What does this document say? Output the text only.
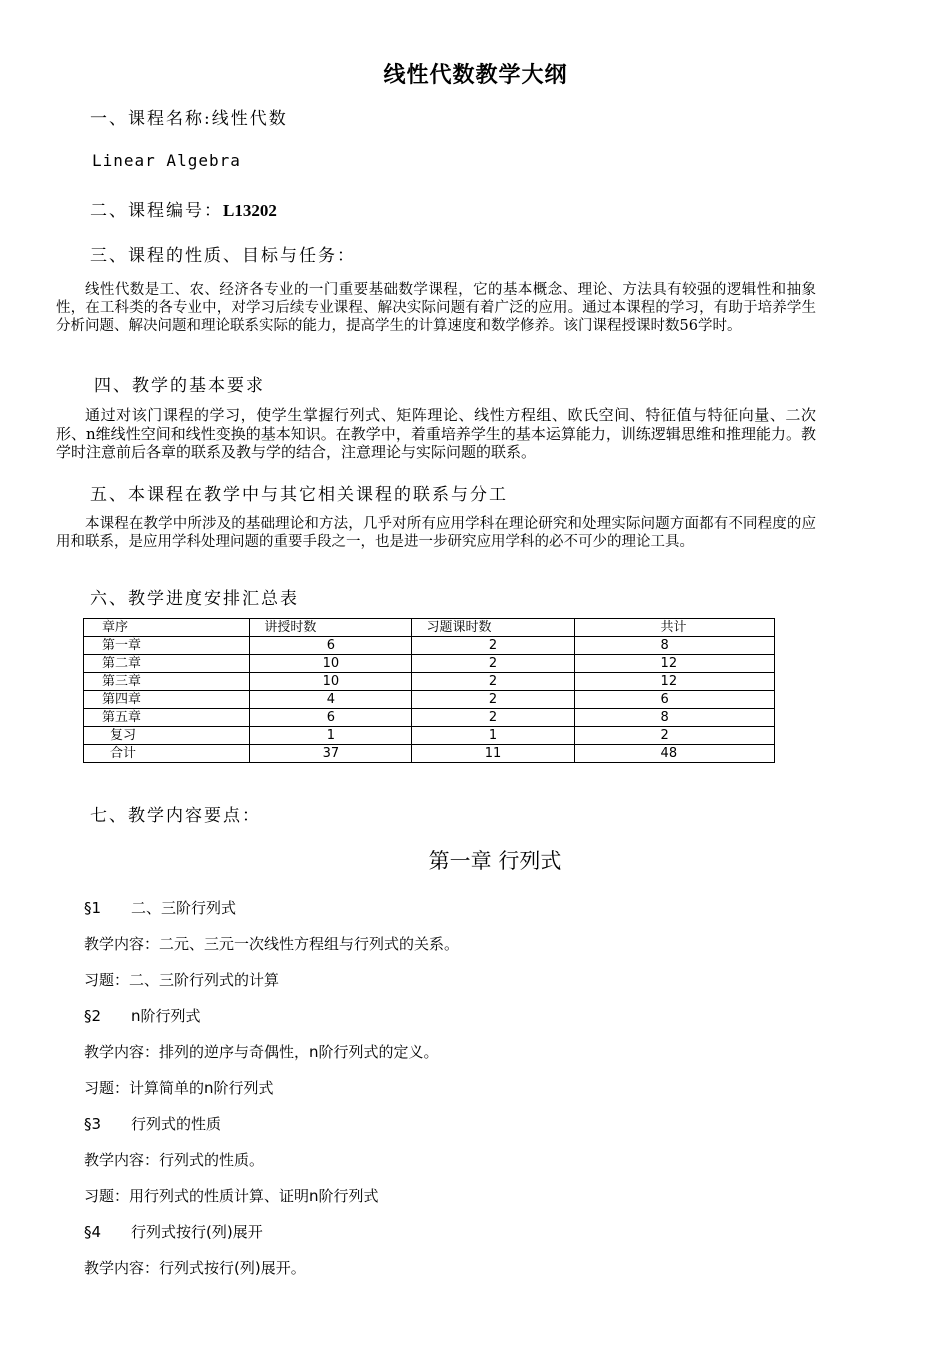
线性代数教学大纲
一、课程名称:线性代数
Linear Algebra
二、课程编号：L13202
三、课程的性质、目标与任务：
线性代数是工、农、经济各专业的一门重要基础数学课程，它的基本概念、理论、方法具有较强的逻辑性和抽象性，在工科类的各专业中，对学习后续专业课程、解决实际问题有着广泛的应用。通过本课程的学习，有助于培养学生分析问题、解决问题和理论联系实际的能力，提高学生的计算速度和数学修养。该门课程授课时数56学时。
四、教学的基本要求
通过对该门课程的学习，使学生掌握行列式、矩阵理论、线性方程组、欧氏空间、特征值与特征向量、二次形、n维线性空间和线性变换的基本知识。在教学中，着重培养学生的基本运算能力，训练逻辑思维和推理能力。教学时注意前后各章的联系及教与学的结合，注意理论与实际问题的联系。
五、本课程在教学中与其它相关课程的联系与分工
本课程在教学中所涉及的基础理论和方法，几乎对所有应用学科在理论研究和处理实际问题方面都有不同程度的应用和联系，是应用学科处理问题的重要手段之一，也是进一步研究应用学科的必不可少的理论工具。
六、教学进度安排汇总表
章序	讲授时数	习题课时数	共计
第一章	6	2	8
第二章	10	2	12
第三章	10	2	12
第四章	4	2	6
第五章	6	2	8
复习	1	1	2
合计	37	11	48
七、教学内容要点：
第一章 行列式
§1 二、三阶行列式
教学内容：二元、三元一次线性方程组与行列式的关系。
习题：二、三阶行列式的计算
§2 n阶行列式
教学内容：排列的逆序与奇偶性，n阶行列式的定义。
习题：计算简单的n阶行列式
§3 行列式的性质
教学内容：行列式的性质。
习题：用行列式的性质计算、证明n阶行列式
§4 行列式按行(列)展开
教学内容：行列式按行(列)展开。
